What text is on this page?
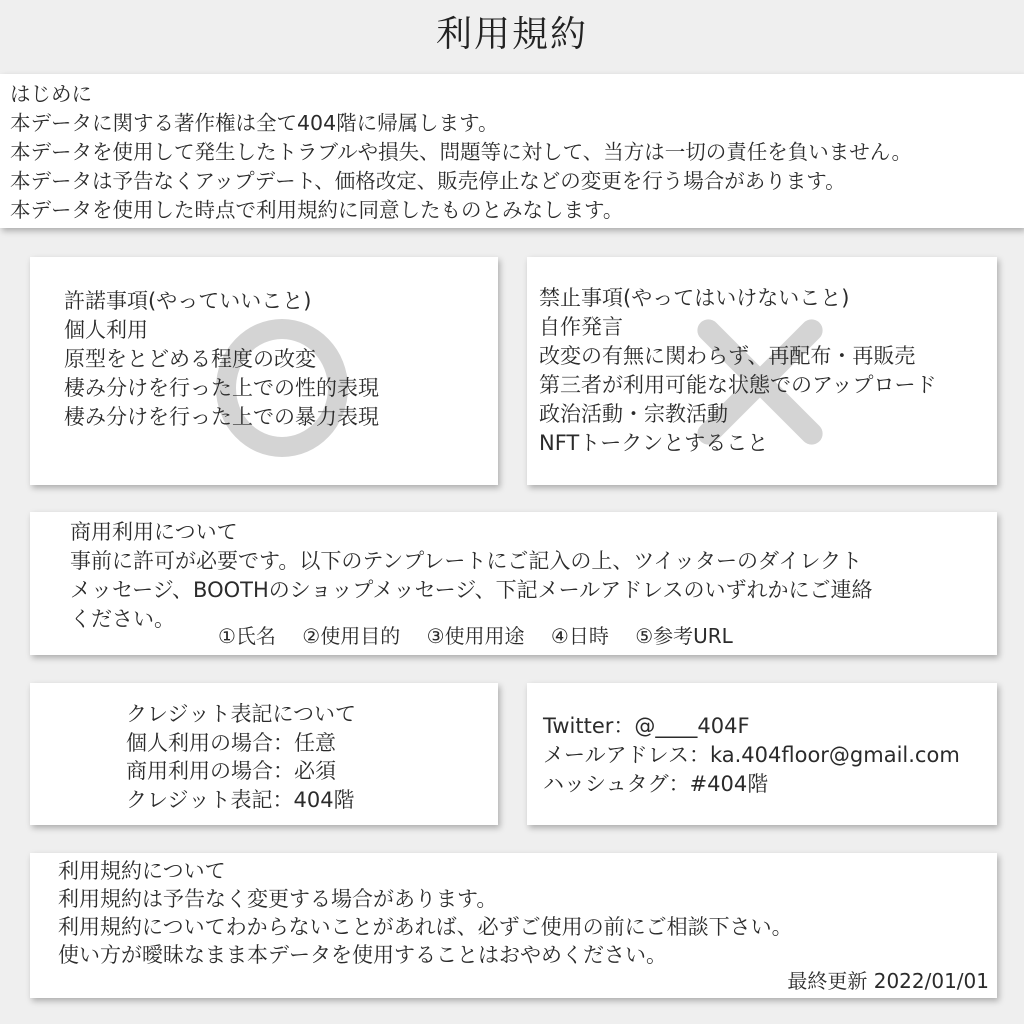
利用規約
はじめに
本データに関する著作権は全て404階に帰属します。
本データを使用して発生したトラブルや損失、問題等に対して、当方は一切の責任を負いません。
本データは予告なくアップデート、価格改定、販売停止などの変更を行う場合があります。
本データを使用した時点で利用規約に同意したものとみなします。
許諾事項(やっていいこと)
個人利用
原型をとどめる程度の改変
棲み分けを行った上での性的表現
棲み分けを行った上での暴力表現
禁止事項(やってはいけないこと)
自作発言
改変の有無に関わらず、再配布・再販売
第三者が利用可能な状態でのアップロード
政治活動・宗教活動
NFTトークンとすること
商用利用について
事前に許可が必要です。以下のテンプレートにご記入の上、ツイッターのダイレクト
メッセージ、BOOTHのショップメッセージ、下記メールアドレスのいずれかにご連絡
ください。
①氏名 ②使用目的 ③使用用途 ④日時 ⑤参考URL
クレジット表記について
個人利用の場合：任意
商用利用の場合：必須
クレジット表記：404階
Twitter：@____404F
メールアドレス：ka.404floor@gmail.com
ハッシュタグ：#404階
利用規約について
利用規約は予告なく変更する場合があります。
利用規約についてわからないことがあれば、必ずご使用の前にご相談下さい。
使い方が曖昧なまま本データを使用することはおやめください。
最終更新 2022/01/01
